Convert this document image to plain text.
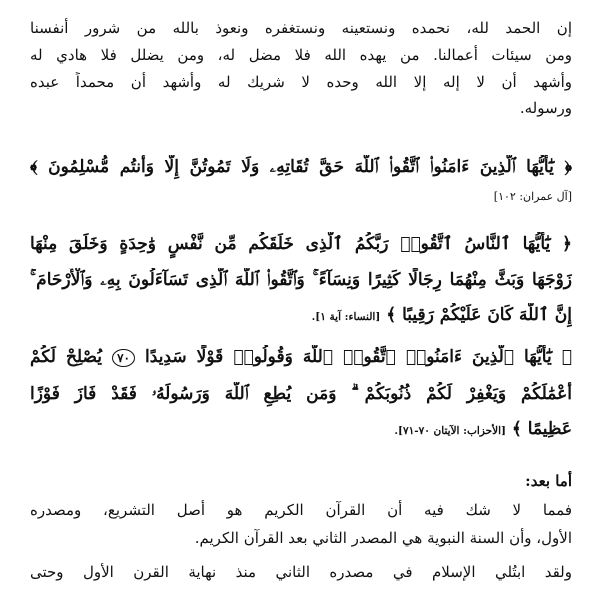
إن الحمد لله، نحمده ونستعينه ونستغفره ونعوذ بالله من شرور أنفسنا
ومن سيئات أعمالنا. من يهده الله فلا مضل له، ومن يضلل فلا هادي له
وأشهد أن لا إله إلا الله وحده لا شريك له وأشهد أن محمداً عبده
ورسوله.
﴿ يَٰٓأَيُّهَا ٱلَّذِينَ ءَامَنُوا۟ ٱتَّقُوا۟ ٱللَّهَ حَقَّ تُقَاتِهِۦ وَلَا تَمُوتُنَّ إِلَّا وَأَنتُم مُّسْلِمُونَ ﴾
[آل عمران: ١٠٢]
﴿ يَٰٓأَيُّهَا ٱلنَّاسُ ٱتَّقُوا۟ رَبَّكُمُ ٱلَّذِى خَلَقَكُم مِّن نَّفْسٍ وَٰحِدَةٍ وَخَلَقَ مِنْهَا
زَوْجَهَا وَبَثَّ مِنْهُمَا رِجَالًا كَثِيرًا وَنِسَآءً ۚ وَٱتَّقُوا۟ ٱللَّهَ ٱلَّذِى تَسَآءَلُونَ بِهِۦ وَٱلْأَرْحَامَ ۚ
إِنَّ ٱللَّهَ كَانَ عَلَيْكُمْ رَقِيبًا ﴾ [النساء: آية ١].
﴿ يَٰٓأَيُّهَا ٱلَّذِينَ ءَامَنُوا۟ ٱتَّقُوا۟ ٱللَّهَ وَقُولُوا۟ قَوْلًا سَدِيدًا ٧٠ يُصْلِحْ لَكُمْ
أَعْمَٰلَكُمْ وَيَغْفِرْ لَكُمْ ذُنُوبَكُمْ ۗ وَمَن يُطِعِ ٱللَّهَ وَرَسُولَهُۥ فَقَدْ فَازَ فَوْزًا
عَظِيمًا ﴾ [الأحزاب: الآيتان ٧٠-٧١].
أما بعد:
فمما لا شك فيه أن القرآن الكريم هو أصل التشريع، ومصدره
الأول، وأن السنة النبوية هي المصدر الثاني بعد القرآن الكريم.
ولقد ابتُلي الإسلام في مصدره الثاني منذ نهاية القرن الأول وحتى
